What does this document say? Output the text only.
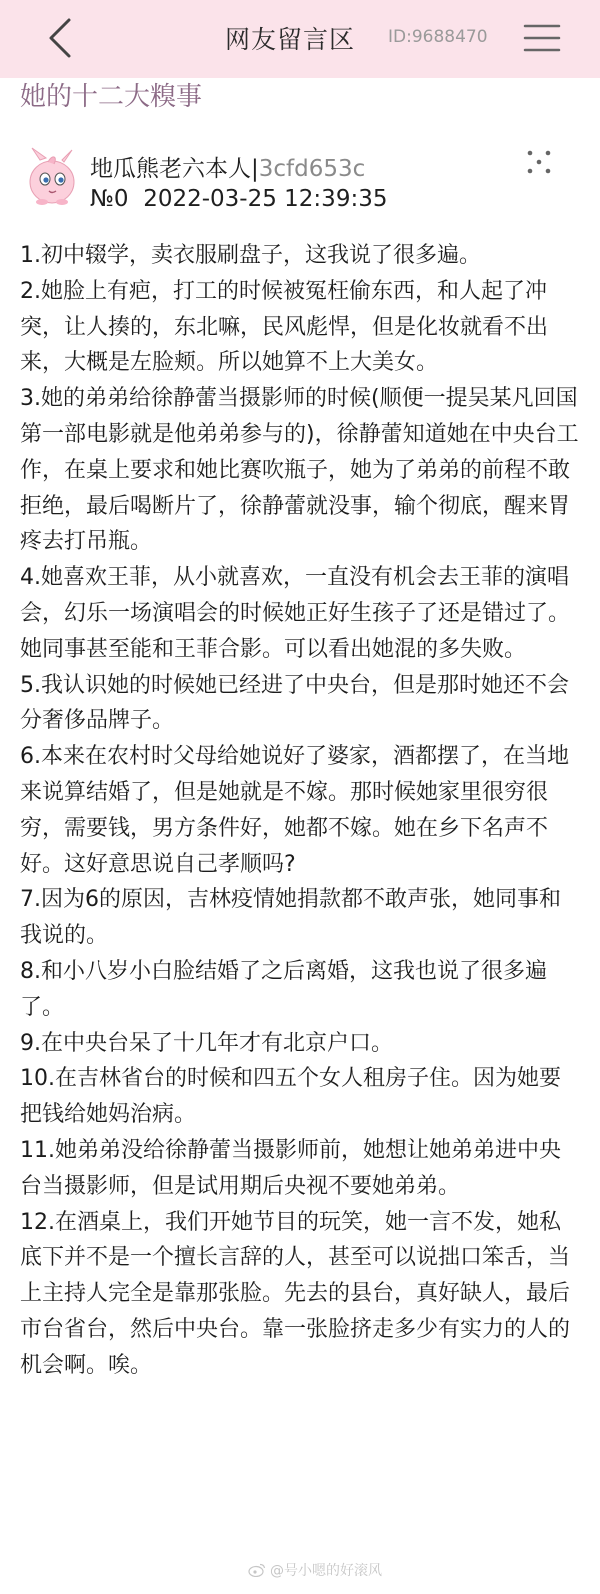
网友留言区 ID:9688470
她的十二大糗事
地瓜熊老六本人|3cfd653c
№0 2022-03-25 12:39:35

1.初中辍学，卖衣服刷盘子，这我说了很多遍。

2.她脸上有疤，打工的时候被冤枉偷东西，和人起了冲突，让人揍的，东北嘛，民风彪悍，但是化妆就看不出来，大概是左脸颊。所以她算不上大美女。

3.她的弟弟给徐静蕾当摄影师的时候(顺便一提吴某凡回国第一部电影就是他弟弟参与的)，徐静蕾知道她在中央台工作，在桌上要求和她比赛吹瓶子，她为了弟弟的前程不敢拒绝，最后喝断片了，徐静蕾就没事，输个彻底，醒来胃疼去打吊瓶。

4.她喜欢王菲，从小就喜欢，一直没有机会去王菲的演唱会，幻乐一场演唱会的时候她正好生孩子了还是错过了。她同事甚至能和王菲合影。可以看出她混的多失败。

5.我认识她的时候她已经进了中央台，但是那时她还不会分奢侈品牌子。

6.本来在农村时父母给她说好了婆家，酒都摆了，在当地来说算结婚了，但是她就是不嫁。那时候她家里很穷很穷，需要钱，男方条件好，她都不嫁。她在乡下名声不好。这好意思说自己孝顺吗?

7.因为6的原因，吉林疫情她捐款都不敢声张，她同事和我说的。

8.和小八岁小白脸结婚了之后离婚，这我也说了很多遍了。

9.在中央台呆了十几年才有北京户口。

10.在吉林省台的时候和四五个女人租房子住。因为她要把钱给她妈治病。

11.她弟弟没给徐静蕾当摄影师前，她想让她弟弟进中央台当摄影师，但是试用期后央视不要她弟弟。

12.在酒桌上，我们开她节目的玩笑，她一言不发，她私底下并不是一个擅长言辞的人，甚至可以说拙口笨舌，当上主持人完全是靠那张脸。先去的县台，真好缺人，最后市台省台，然后中央台。靠一张脸挤走多少有实力的人的机会啊。唉。

@号小嗯的好滚风
